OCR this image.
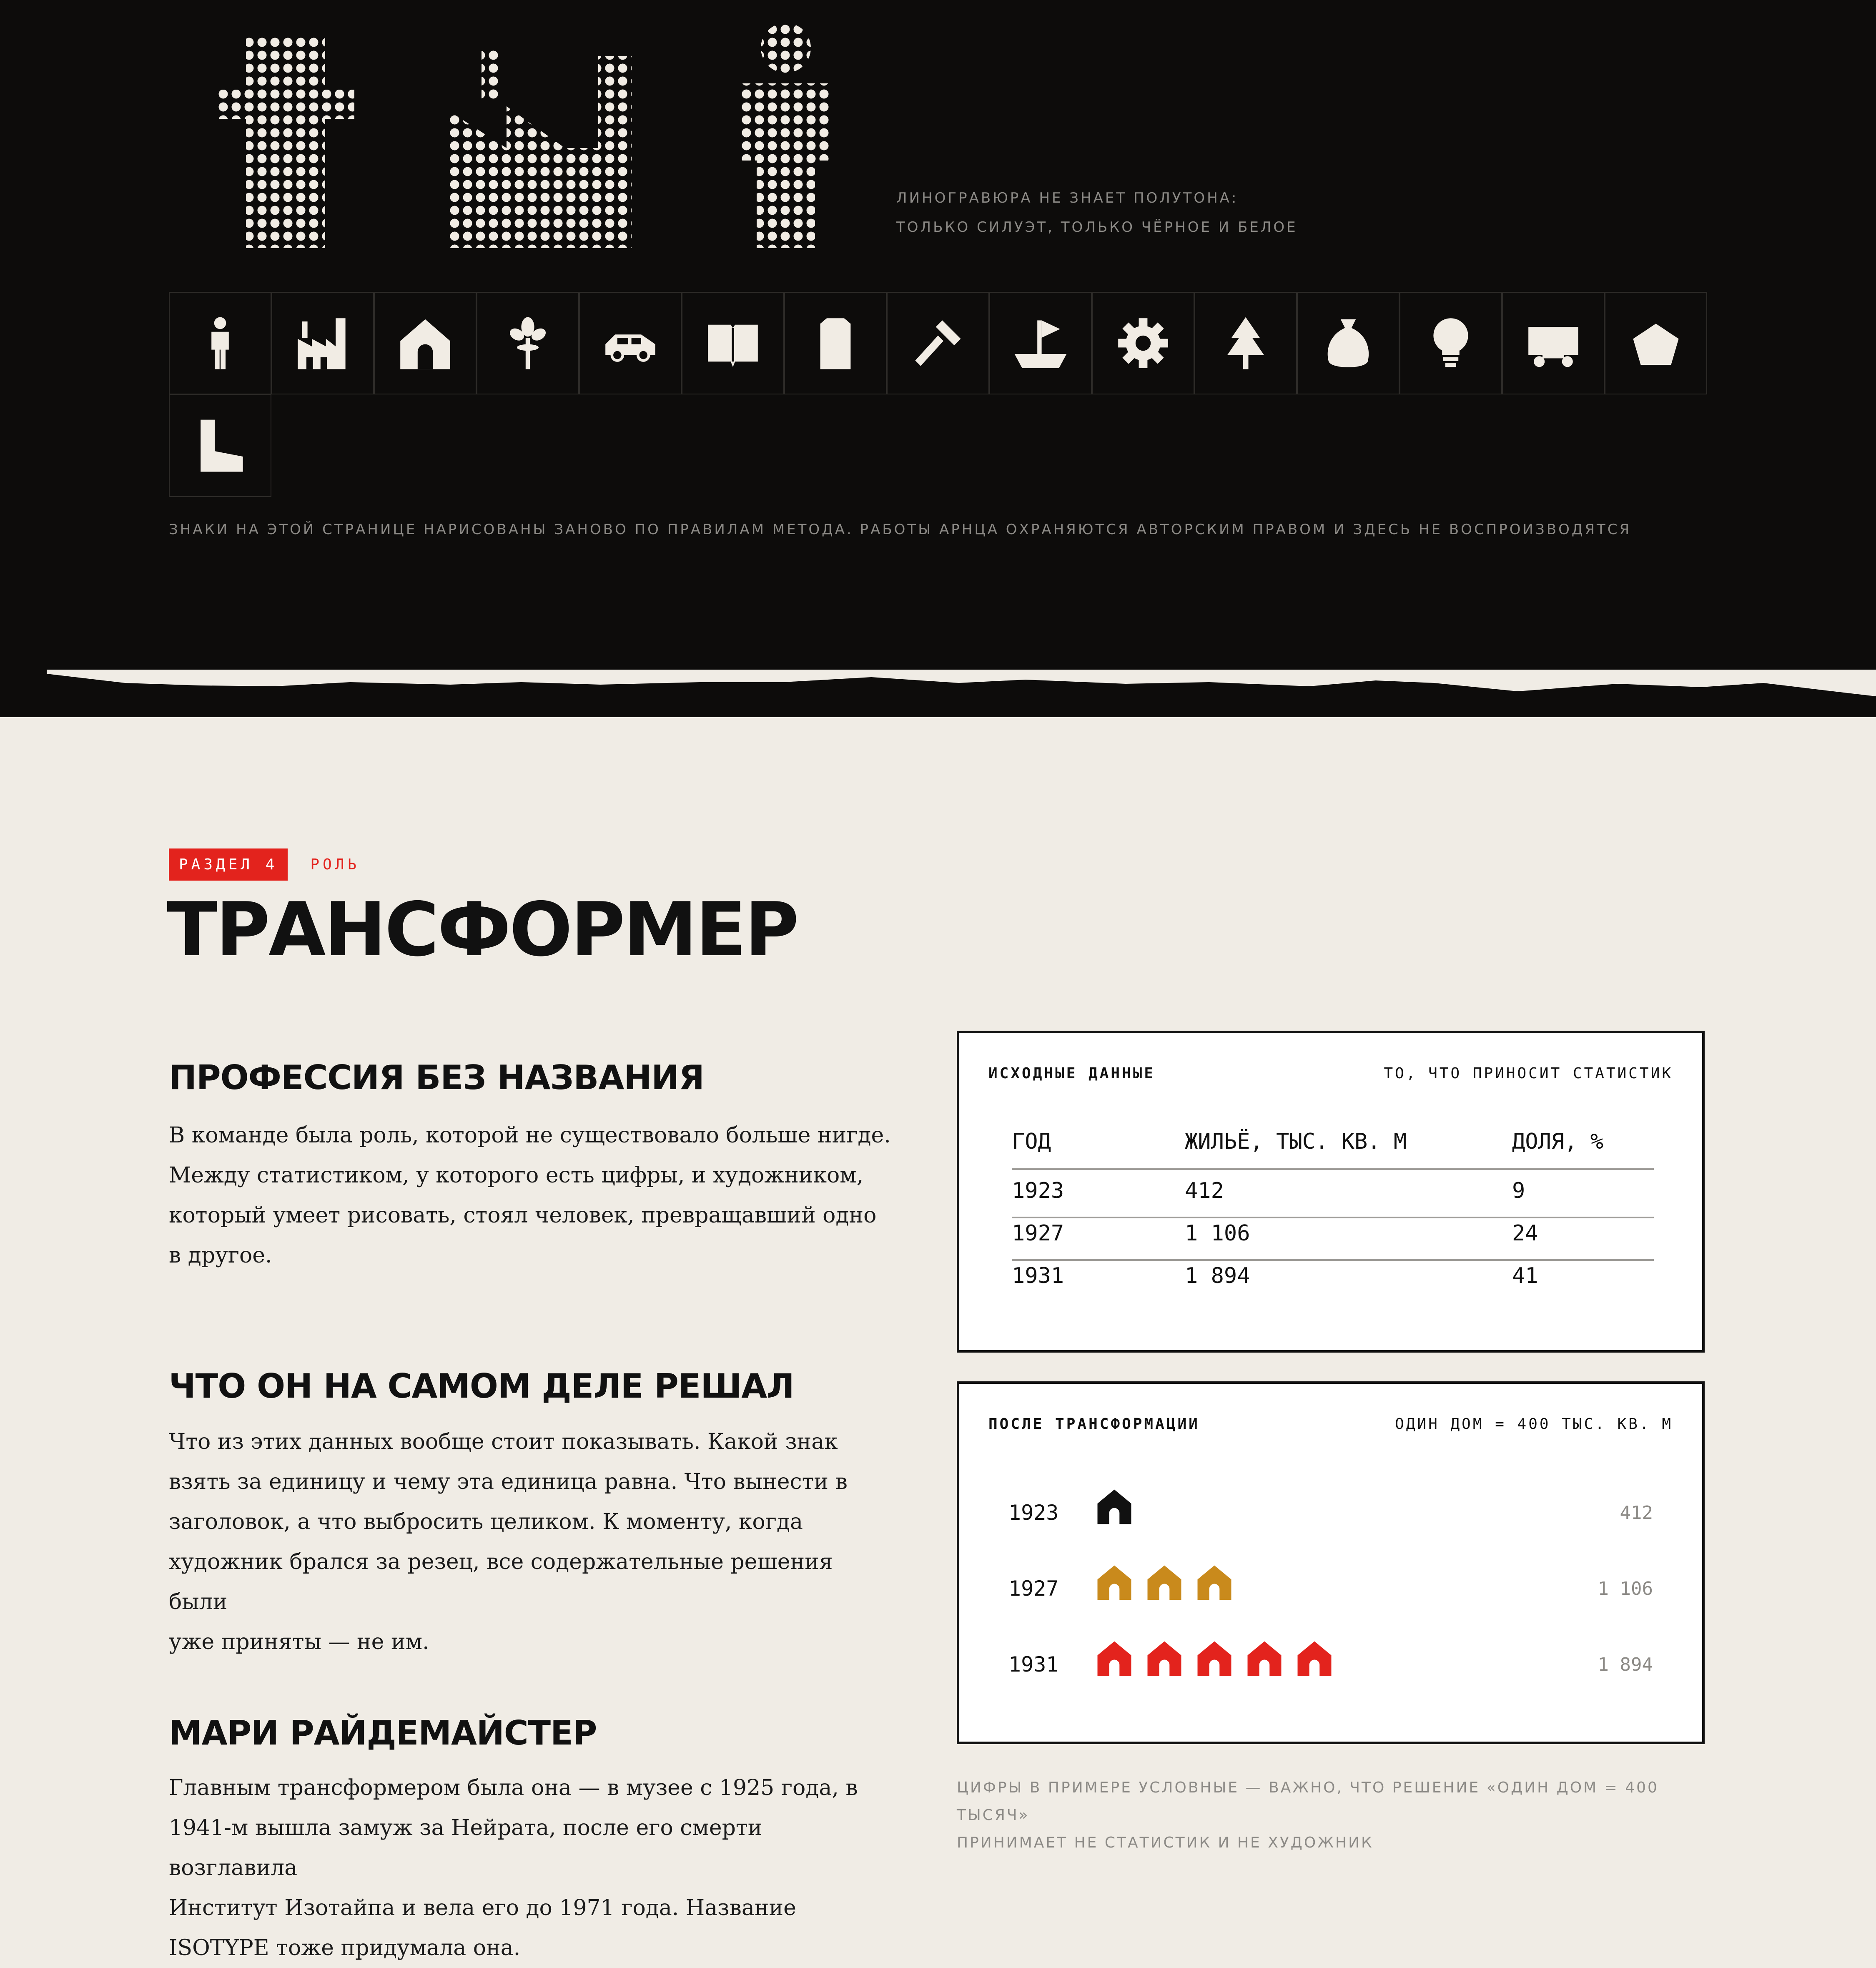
ЛИНОГРАВЮРА НЕ ЗНАЕТ ПОЛУТОНА:
ТОЛЬКО СИЛУЭТ, ТОЛЬКО ЧЁРНОЕ И БЕЛОЕ
ЗНАКИ НА ЭТОЙ СТРАНИЦЕ НАРИСОВАНЫ ЗАНОВО ПО ПРАВИЛАМ МЕТОДА. РАБОТЫ АРНЦА ОХРАНЯЮТСЯ АВТОРСКИМ ПРАВОМ И ЗДЕСЬ НЕ ВОСПРОИЗВОДЯТСЯ
РАЗДЕЛ 4	РОЛЬ
ТРАНСФОРМЕР
ПРОФЕССИЯ БЕЗ НАЗВАНИЯ
В команде была роль, которой не существовало больше нигде.
Между статистиком, у которого есть цифры, и художником,
который умеет рисовать, стоял человек, превращавший одно
в другое.
ЧТО ОН НА САМОМ ДЕЛЕ РЕШАЛ
Что из этих данных вообще стоит показывать. Какой знак
взять за единицу и чему эта единица равна. Что вынести в
заголовок, а что выбросить целиком. К моменту, когда
художник брался за резец, все содержательные решения были
уже приняты — не им.
МАРИ РАЙДЕМАЙСТЕР
Главным трансформером была она — в музее с 1925 года, в
1941-м вышла замуж за Нейрата, после его смерти возглавила
Институт Изотайпа и вела его до 1971 года. Название
ISOTYPE тоже придумала она.
ИСХОДНЫЕ ДАННЫЕ	ТО, ЧТО ПРИНОСИТ СТАТИСТИК
ГОД	ЖИЛЬЁ, ТЫС. КВ. М	ДОЛЯ, %
1923	412	9
1927	1 106	24
1931	1 894	41
ПОСЛЕ ТРАНСФОРМАЦИИ	ОДИН ДОМ = 400 ТЫС. КВ. М
1923	412
1927	1 106
1931	1 894
ЦИФРЫ В ПРИМЕРЕ УСЛОВНЫЕ — ВАЖНО, ЧТО РЕШЕНИЕ «ОДИН ДОМ = 400 ТЫСЯЧ»
ПРИНИМАЕТ НЕ СТАТИСТИК И НЕ ХУДОЖНИК
